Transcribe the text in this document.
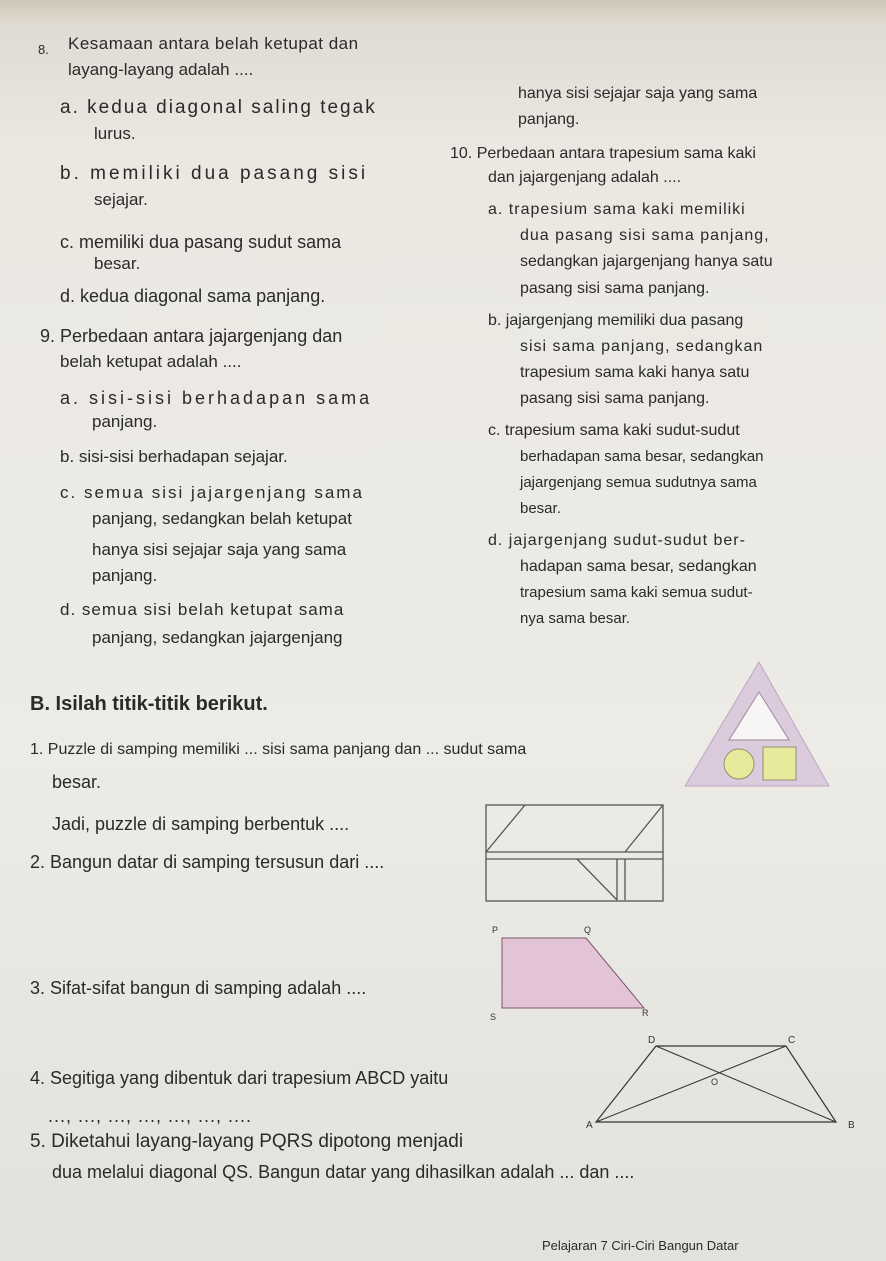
8. Kesamaan antara belah ketupat dan
layang-layang adalah ....
a. kedua diagonal saling tegak
lurus.
b. memiliki dua pasang sisi
sejajar.
c. memiliki dua pasang sudut sama
besar.
d. kedua diagonal sama panjang.
9. Perbedaan antara jajargenjang dan
belah ketupat adalah ....
a. sisi-sisi berhadapan sama
panjang.
b. sisi-sisi berhadapan sejajar.
c. semua sisi jajargenjang sama
panjang, sedangkan belah ketupat
hanya sisi sejajar saja yang sama
panjang.
d. semua sisi belah ketupat sama
panjang, sedangkan jajargenjang
hanya sisi sejajar saja yang sama
panjang.
10. Perbedaan antara trapesium sama kaki
dan jajargenjang adalah ....
a. trapesium sama kaki memiliki
dua pasang sisi sama panjang,
sedangkan jajargenjang hanya satu
pasang sisi sama panjang.
b. jajargenjang memiliki dua pasang
sisi sama panjang, sedangkan
trapesium sama kaki hanya satu
pasang sisi sama panjang.
c. trapesium sama kaki sudut-sudut
berhadapan sama besar, sedangkan
jajargenjang semua sudutnya sama
besar.
d. jajargenjang sudut-sudut ber-
hadapan sama besar, sedangkan
trapesium sama kaki semua sudut-
nya sama besar.
B. Isilah titik-titik berikut.
1. Puzzle di samping memiliki ... sisi sama panjang dan ... sudut sama
besar.
Jadi, puzzle di samping berbentuk ....
2. Bangun datar di samping tersusun dari ....
3. Sifat-sifat bangun di samping adalah ....
4. Segitiga yang dibentuk dari trapesium ABCD yaitu
..., ..., ..., ..., ..., ..., ....
5. Diketahui layang-layang PQRS dipotong menjadi
dua melalui diagonal QS. Bangun datar yang dihasilkan adalah ... dan ....
P	Q
R
S
D	C
A	B
O
Pelajaran 7 Ciri-Ciri Bangun Datar
